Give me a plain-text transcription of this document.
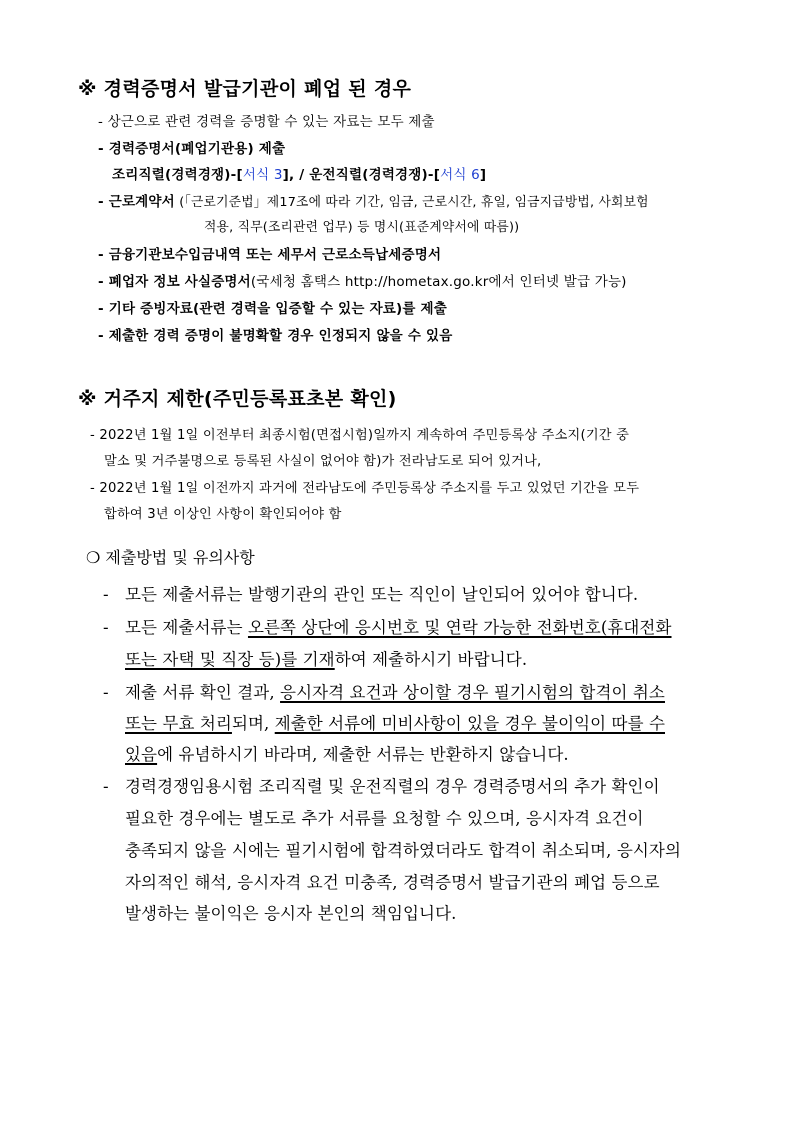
※ 경력증명서 발급기관이 폐업 된 경우
- 상근으로 관련 경력을 증명할 수 있는 자료는 모두 제출
- 경력증명서(폐업기관용) 제출
조리직렬(경력경쟁)-[서식 3], / 운전직렬(경력경쟁)-[서식 6]
- 근로계약서 (「근로기준법」제17조에 따라 기간, 임금, 근로시간, 휴일, 임금지급방법, 사회보험
적용, 직무(조리관련 업무) 등 명시(표준계약서에 따름))
- 금융기관보수입금내역 또는 세무서 근로소득납세증명서
- 폐업자 정보 사실증명서(국세청 홈택스 http://hometax.go.kr에서 인터넷 발급 가능)
- 기타 증빙자료(관련 경력을 입증할 수 있는 자료)를 제출
- 제출한 경력 증명이 불명확할 경우 인정되지 않을 수 있음
※ 거주지 제한(주민등록표초본 확인)
- 2022년 1월 1일 이전부터 최종시험(면접시험)일까지 계속하여 주민등록상 주소지(기간 중
말소 및 거주불명으로 등록된 사실이 없어야 함)가 전라남도로 되어 있거나,
- 2022년 1월 1일 이전까지 과거에 전라남도에 주민등록상 주소지를 두고 있었던 기간을 모두
합하여 3년 이상인 사항이 확인되어야 함
❍ 제출방법 및 유의사항
- 모든 제출서류는 발행기관의 관인 또는 직인이 날인되어 있어야 합니다.
- 모든 제출서류는 오른쪽 상단에 응시번호 및 연락 가능한 전화번호(휴대전화
또는 자택 및 직장 등)를 기재하여 제출하시기 바랍니다.
- 제출 서류 확인 결과, 응시자격 요건과 상이할 경우 필기시험의 합격이 취소
또는 무효 처리되며, 제출한 서류에 미비사항이 있을 경우 불이익이 따를 수
있음에 유념하시기 바라며, 제출한 서류는 반환하지 않습니다.
- 경력경쟁임용시험 조리직렬 및 운전직렬의 경우 경력증명서의 추가 확인이
필요한 경우에는 별도로 추가 서류를 요청할 수 있으며, 응시자격 요건이
충족되지 않을 시에는 필기시험에 합격하였더라도 합격이 취소되며, 응시자의
자의적인 해석, 응시자격 요건 미충족, 경력증명서 발급기관의 폐업 등으로
발생하는 불이익은 응시자 본인의 책임입니다.
